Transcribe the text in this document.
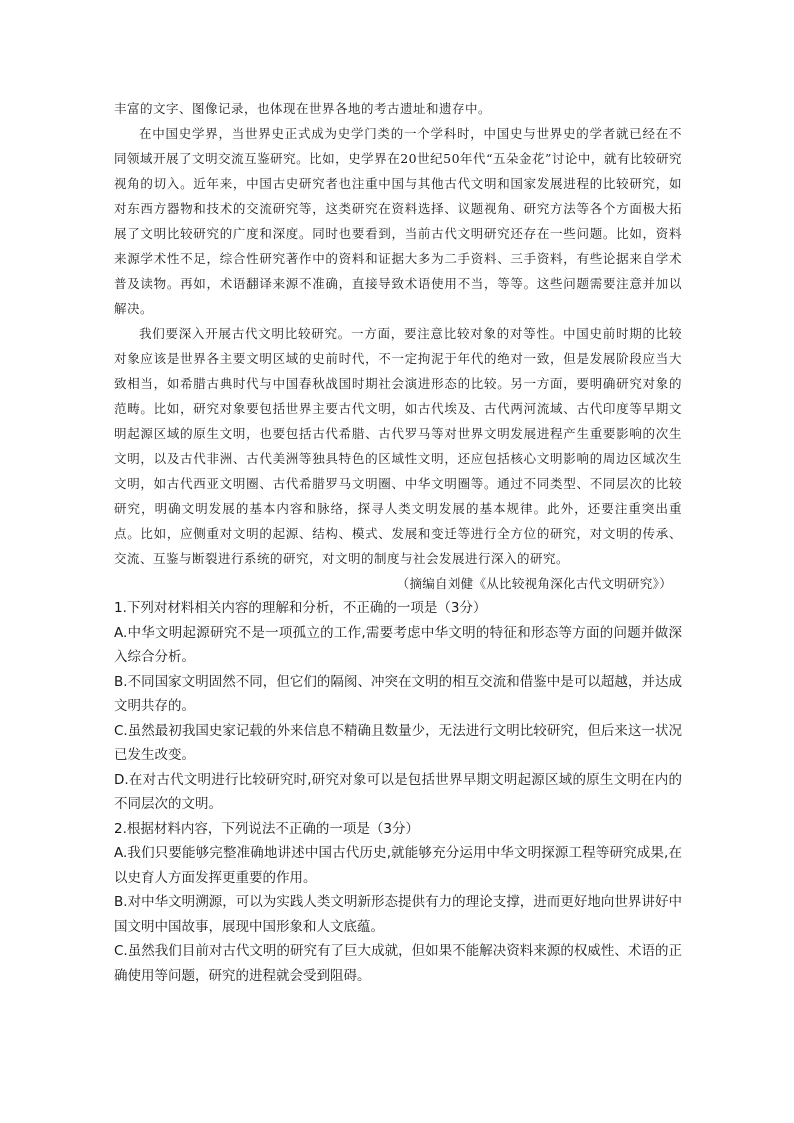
丰富的文字、图像记录，也体现在世界各地的考古遗址和遗存中。

在中国史学界，当世界史正式成为史学门类的一个学科时，中国史与世界史的学者就已经在不同领域开展了文明交流互鉴研究。比如，史学界在20世纪50年代“五朵金花”讨论中，就有比较研究视角的切入。近年来，中国古史研究者也注重中国与其他古代文明和国家发展进程的比较研究，如对东西方器物和技术的交流研究等，这类研究在资料选择、议题视角、研究方法等各个方面极大拓展了文明比较研究的广度和深度。同时也要看到，当前古代文明研究还存在一些问题。比如，资料来源学术性不足，综合性研究著作中的资料和证据大多为二手资料、三手资料，有些论据来自学术普及读物。再如，术语翻译来源不准确，直接导致术语使用不当，等等。这些问题需要注意并加以解决。

我们要深入开展古代文明比较研究。一方面，要注意比较对象的对等性。中国史前时期的比较对象应该是世界各主要文明区域的史前时代，不一定拘泥于年代的绝对一致，但是发展阶段应当大致相当，如希腊古典时代与中国春秋战国时期社会演进形态的比较。另一方面，要明确研究对象的范畴。比如，研究对象要包括世界主要古代文明，如古代埃及、古代两河流域、古代印度等早期文明起源区域的原生文明，也要包括古代希腊、古代罗马等对世界文明发展进程产生重要影响的次生文明，以及古代非洲、古代美洲等独具特色的区域性文明，还应包括核心文明影响的周边区域次生文明，如古代西亚文明圈、古代希腊罗马文明圈、中华文明圈等。通过不同类型、不同层次的比较研究，明确文明发展的基本内容和脉络，探寻人类文明发展的基本规律。此外，还要注重突出重点。比如，应侧重对文明的起源、结构、模式、发展和变迁等进行全方位的研究，对文明的传承、交流、互鉴与断裂进行系统的研究，对文明的制度与社会发展进行深入的研究。

（摘编自刘健《从比较视角深化古代文明研究》）

1.下列对材料相关内容的理解和分析，不正确的一项是（3分）

A.中华文明起源研究不是一项孤立的工作,需要考虑中华文明的特征和形态等方面的问题并做深入综合分析。

B.不同国家文明固然不同，但它们的隔阂、冲突在文明的相互交流和借鉴中是可以超越，并达成文明共存的。

C.虽然最初我国史家记载的外来信息不精确且数量少，无法进行文明比较研究，但后来这一状况已发生改变。

D.在对古代文明进行比较研究时,研究对象可以是包括世界早期文明起源区域的原生文明在内的不同层次的文明。

2.根据材料内容，下列说法不正确的一项是（3分）

A.我们只要能够完整准确地讲述中国古代历史,就能够充分运用中华文明探源工程等研究成果,在以史育人方面发挥更重要的作用。

B.对中华文明溯源，可以为实践人类文明新形态提供有力的理论支撑，进而更好地向世界讲好中国文明中国故事，展现中国形象和人文底蕴。

C.虽然我们目前对古代文明的研究有了巨大成就，但如果不能解决资料来源的权威性、术语的正确使用等问题，研究的进程就会受到阻碍。
